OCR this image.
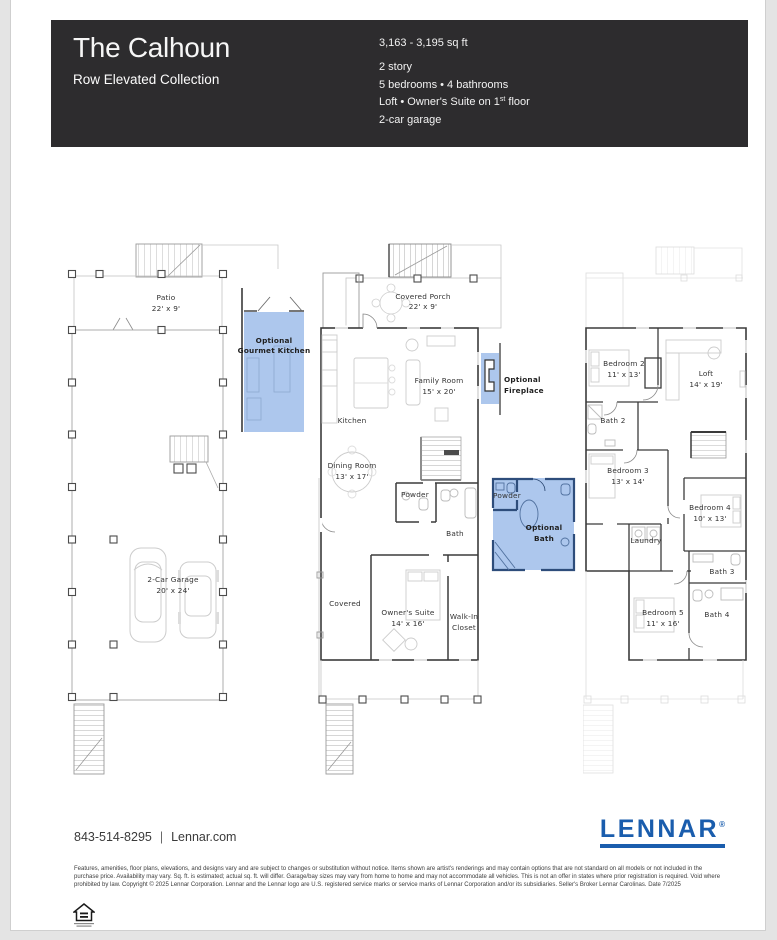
The Calhoun
Row Elevated Collection
3,163 - 3,195 sq ft
2 story
5 bedrooms • 4 bathrooms
Loft • Owner's Suite on 1st floor
2-car garage
Patio
22' x 9'
2-Car Garage
20' x 24'
Optional
Gourmet Kitchen
Covered Porch
22' x 9'
Family Room
15' x 20'
Kitchen
Dining Room
13' x 17'
Powder
Bath
Powder
Optional
Bath
Optional
Fireplace
Covered
Owner's Suite
14' x 16'
Walk-In
Closet
Bedroom 2
11' x 13'	Loft
14' x 19'
Bath 2
Bedroom 3
13' x 14'
Bedroom 4
10' x 13'
Laundry
Bath 3
Bedroom 5
11' x 16'
Bath 4
843-514-8295 | Lennar.com	LENNAR®
Features, amenities, floor plans, elevations, and designs vary and are subject to changes or substitution without notice. Items shown are artist's renderings and may contain options that are not standard on all models or not included in the purchase price. Availability may vary. Sq. ft. is estimated; actual sq. ft. will differ. Garage/bay sizes may vary from home to home and may not accommodate all vehicles. This is not an offer in states where prior registration is required. Void where prohibited by law. Copyright © 2025 Lennar Corporation. Lennar and the Lennar logo are U.S. registered service marks or service marks of Lennar Corporation and/or its subsidiaries. Seller's Broker Lennar Carolinas. Date 7/2025
